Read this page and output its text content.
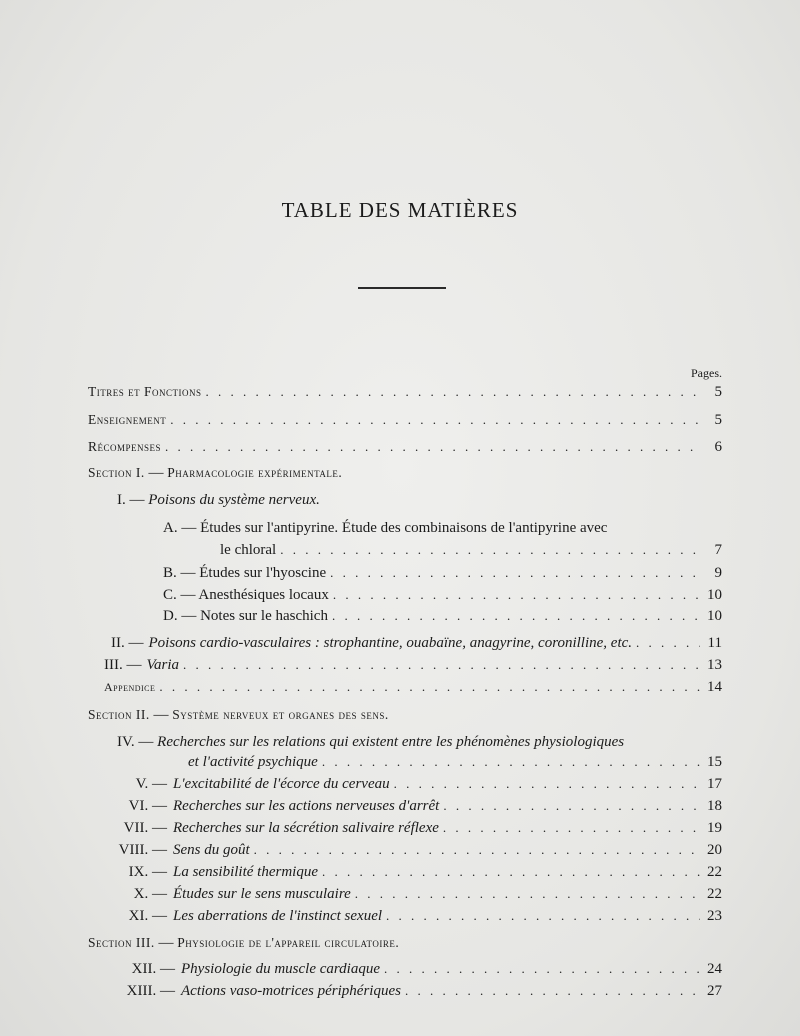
TABLE DES MATIÈRES
Pages.
Titres et Fonctions . . .	5
Enseignement . . .	5
Récompenses . . .	6
Section I. — Pharmacologie expérimentale.
I. — Poisons du système nerveux.
A. — Études sur l'antipyrine. Étude des combinaisons de l'antipyrine avec
le chloral . . .	7
B. — Études sur l'hyoscine . . .	9
C. — Anesthésiques locaux . . .	10
D. — Notes sur le haschich . . .	10
II. — Poisons cardio-vasculaires : strophantine, ouabaïne, anagyrine, coronilline, etc. . . .	11
III. — Varia . . .	13
Appendice . . .	14
Section II. — Système nerveux et organes des sens.
IV. — Recherches sur les relations qui existent entre les phénomènes physiologiques
et l'activité psychique . . .	15
V. — L'excitabilité de l'écorce du cerveau . . .	17
VI. — Recherches sur les actions nerveuses d'arrêt . . .	18
VII. — Recherches sur la sécrétion salivaire réflexe . . .	19
VIII. — Sens du goût . . .	20
IX. — La sensibilité thermique . . .	22
X. — Études sur le sens musculaire . . .	22
XI. — Les aberrations de l'instinct sexuel . . .	23
Section III. — Physiologie de l'appareil circulatoire.
XII. — Physiologie du muscle cardiaque . . .	24
XIII. — Actions vaso-motrices périphériques . . .	27
